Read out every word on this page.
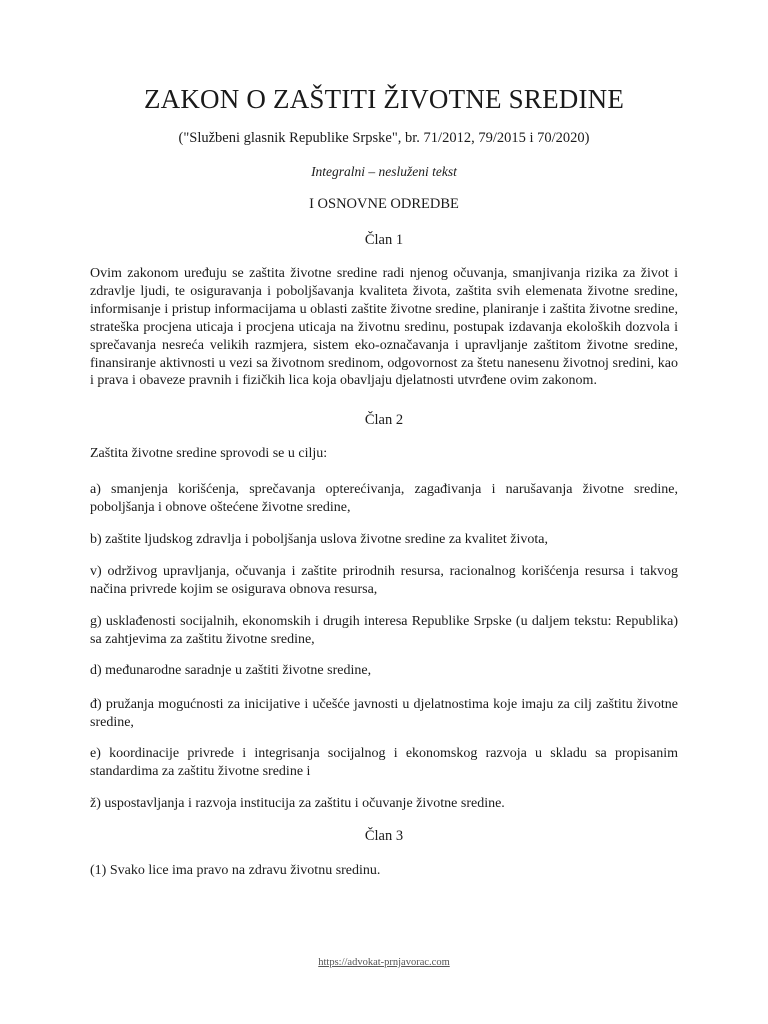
ZAKON O ZAŠTITI ŽIVOTNE SREDINE
("Službeni glasnik Republike Srpske", br. 71/2012, 79/2015 i 70/2020)
Integralni – nesluženi tekst
I OSNOVNE ODREDBE
Član 1
Ovim zakonom uređuju se zaštita životne sredine radi njenog očuvanja, smanjivanja rizika za život i zdravlje ljudi, te osiguravanja i poboljšavanja kvaliteta života, zaštita svih elemenata životne sredine, informisanje i pristup informacijama u oblasti zaštite životne sredine, planiranje i zaštita životne sredine, strateška procjena uticaja i procjena uticaja na životnu sredinu, postupak izdavanja ekoloških dozvola i sprečavanja nesreća velikih razmjera, sistem eko-označavanja i upravljanje zaštitom životne sredine, finansiranje aktivnosti u vezi sa životnom sredinom, odgovornost za štetu nanesenu životnoj sredini, kao i prava i obaveze pravnih i fizičkih lica koja obavljaju djelatnosti utvrđene ovim zakonom.
Član 2
Zaštita životne sredine sprovodi se u cilju:
a) smanjenja korišćenja, sprečavanja opterećivanja, zagađivanja i narušavanja životne sredine, poboljšanja i obnove oštećene životne sredine,
b) zaštite ljudskog zdravlja i poboljšanja uslova životne sredine za kvalitet života,
v) održivog upravljanja, očuvanja i zaštite prirodnih resursa, racionalnog korišćenja resursa i takvog načina privrede kojim se osigurava obnova resursa,
g) usklađenosti socijalnih, ekonomskih i drugih interesa Republike Srpske (u daljem tekstu: Republika) sa zahtjevima za zaštitu životne sredine,
d) međunarodne saradnje u zaštiti životne sredine,
đ) pružanja mogućnosti za inicijative i učešće javnosti u djelatnostima koje imaju za cilj zaštitu životne sredine,
e) koordinacije privrede i integrisanja socijalnog i ekonomskog razvoja u skladu sa propisanim standardima za zaštitu životne sredine i
ž) uspostavljanja i razvoja institucija za zaštitu i očuvanje životne sredine.
Član 3
(1) Svako lice ima pravo na zdravu životnu sredinu.
https://advokat-prnjavorac.com
